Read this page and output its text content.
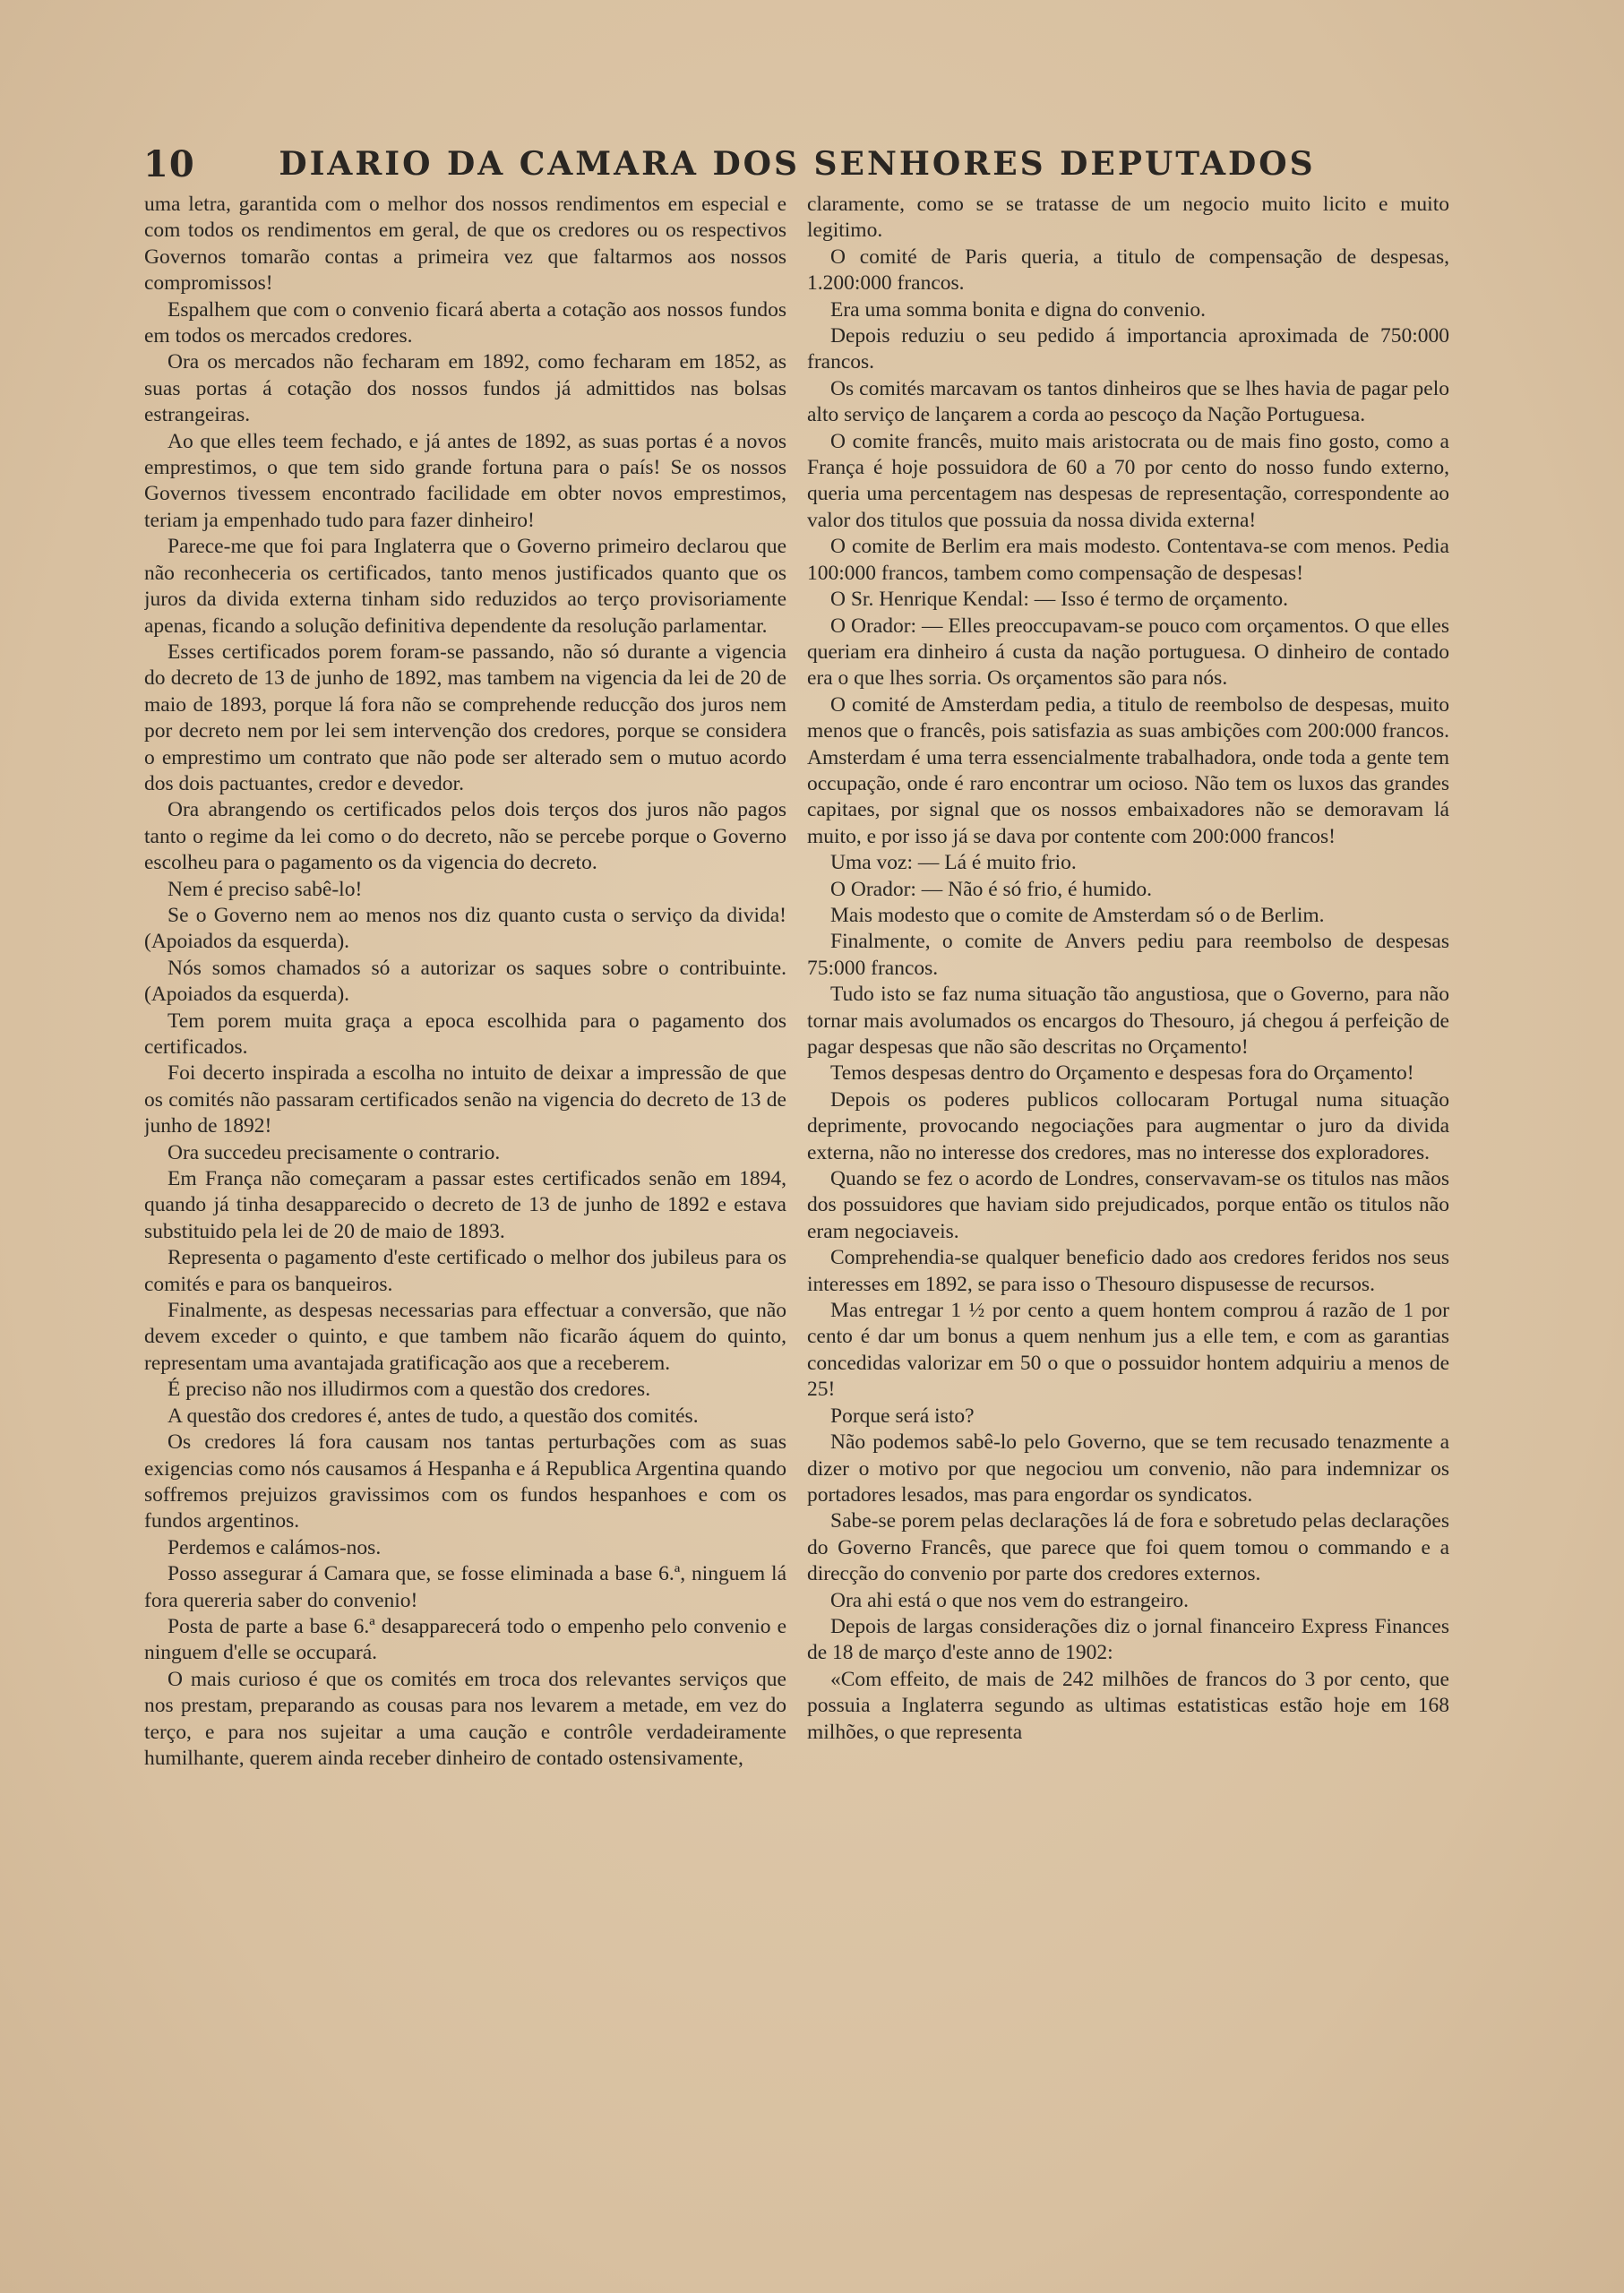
10	DIARIO DA CAMARA DOS SENHORES DEPUTADOS

uma letra, garantida com o melhor dos nossos rendimentos em especial e com todos os rendimentos em geral, de que os credores ou os respectivos Governos tomarão contas a primeira vez que faltarmos aos nossos compromissos!

Espalhem que com o convenio ficará aberta a cotação aos nossos fundos em todos os mercados credores.

Ora os mercados não fecharam em 1892, como fecharam em 1852, as suas portas á cotação dos nossos fundos já admittidos nas bolsas estrangeiras.

Ao que elles teem fechado, e já antes de 1892, as suas portas é a novos emprestimos, o que tem sido grande fortuna para o país! Se os nossos Governos tivessem encontrado facilidade em obter novos emprestimos, teriam ja empenhado tudo para fazer dinheiro!

Parece-me que foi para Inglaterra que o Governo primeiro declarou que não reconheceria os certificados, tanto menos justificados quanto que os juros da divida externa tinham sido reduzidos ao terço provisoriamente apenas, ficando a solução definitiva dependente da resolução parlamentar.

Esses certificados porem foram-se passando, não só durante a vigencia do decreto de 13 de junho de 1892, mas tambem na vigencia da lei de 20 de maio de 1893, porque lá fora não se comprehende reducção dos juros nem por decreto nem por lei sem intervenção dos credores, porque se considera o emprestimo um contrato que não pode ser alterado sem o mutuo acordo dos dois pactuantes, credor e devedor.

Ora abrangendo os certificados pelos dois terços dos juros não pagos tanto o regime da lei como o do decreto, não se percebe porque o Governo escolheu para o pagamento os da vigencia do decreto.

Nem é preciso sabê-lo!

Se o Governo nem ao menos nos diz quanto custa o serviço da divida! (Apoiados da esquerda).

Nós somos chamados só a autorizar os saques sobre o contribuinte. (Apoiados da esquerda).

Tem porem muita graça a epoca escolhida para o pagamento dos certificados.

Foi decerto inspirada a escolha no intuito de deixar a impressão de que os comités não passaram certificados senão na vigencia do decreto de 13 de junho de 1892!

Ora succedeu precisamente o contrario.

Em França não começaram a passar estes certificados senão em 1894, quando já tinha desapparecido o decreto de 13 de junho de 1892 e estava substituido pela lei de 20 de maio de 1893.

Representa o pagamento d'este certificado o melhor dos jubileus para os comités e para os banqueiros.

Finalmente, as despesas necessarias para effectuar a conversão, que não devem exceder o quinto, e que tambem não ficarão áquem do quinto, representam uma avantajada gratificação aos que a receberem.

É preciso não nos illudirmos com a questão dos credores.

A questão dos credores é, antes de tudo, a questão dos comités.

Os credores lá fora causam nos tantas perturbações com as suas exigencias como nós causamos á Hespanha e á Republica Argentina quando soffremos prejuizos gravissimos com os fundos hespanhoes e com os fundos argentinos.

Perdemos e calámos-nos.

Posso assegurar á Camara que, se fosse eliminada a base 6.ª, ninguem lá fora quereria saber do convenio!

Posta de parte a base 6.ª desapparecerá todo o empenho pelo convenio e ninguem d'elle se occupará.

O mais curioso é que os comités em troca dos relevantes serviços que nos prestam, preparando as cousas para nos levarem a metade, em vez do terço, e para nos sujeitar a uma caução e contrôle verdadeiramente humilhante, querem ainda receber dinheiro de contado ostensivamente,

claramente, como se se tratasse de um negocio muito licito e muito legitimo.

O comité de Paris queria, a titulo de compensação de despesas, 1.200:000 francos.

Era uma somma bonita e digna do convenio.

Depois reduziu o seu pedido á importancia aproximada de 750:000 francos.

Os comités marcavam os tantos dinheiros que se lhes havia de pagar pelo alto serviço de lançarem a corda ao pescoço da Nação Portuguesa.

O comite francês, muito mais aristocrata ou de mais fino gosto, como a França é hoje possuidora de 60 a 70 por cento do nosso fundo externo, queria uma percentagem nas despesas de representação, correspondente ao valor dos titulos que possuia da nossa divida externa!

O comite de Berlim era mais modesto. Contentava-se com menos. Pedia 100:000 francos, tambem como compensação de despesas!

O Sr. Henrique Kendal: — Isso é termo de orçamento.

O Orador: — Elles preoccupavam-se pouco com orçamentos. O que elles queriam era dinheiro á custa da nação portuguesa. O dinheiro de contado era o que lhes sorria. Os orçamentos são para nós.

O comité de Amsterdam pedia, a titulo de reembolso de despesas, muito menos que o francês, pois satisfazia as suas ambições com 200:000 francos. Amsterdam é uma terra essencialmente trabalhadora, onde toda a gente tem occupação, onde é raro encontrar um ocioso. Não tem os luxos das grandes capitaes, por signal que os nossos embaixadores não se demoravam lá muito, e por isso já se dava por contente com 200:000 francos!

Uma voz: — Lá é muito frio.

O Orador: — Não é só frio, é humido.

Mais modesto que o comite de Amsterdam só o de Berlim.

Finalmente, o comite de Anvers pediu para reembolso de despesas 75:000 francos.

Tudo isto se faz numa situação tão angustiosa, que o Governo, para não tornar mais avolumados os encargos do Thesouro, já chegou á perfeição de pagar despesas que não são descritas no Orçamento!

Temos despesas dentro do Orçamento e despesas fora do Orçamento!

Depois os poderes publicos collocaram Portugal numa situação deprimente, provocando negociações para augmentar o juro da divida externa, não no interesse dos credores, mas no interesse dos exploradores.

Quando se fez o acordo de Londres, conservavam-se os titulos nas mãos dos possuidores que haviam sido prejudicados, porque então os titulos não eram negociaveis.

Comprehendia-se qualquer beneficio dado aos credores feridos nos seus interesses em 1892, se para isso o Thesouro dispusesse de recursos.

Mas entregar 1 ½ por cento a quem hontem comprou á razão de 1 por cento é dar um bonus a quem nenhum jus a elle tem, e com as garantias concedidas valorizar em 50 o que o possuidor hontem adquiriu a menos de 25!

Porque será isto?

Não podemos sabê-lo pelo Governo, que se tem recusado tenazmente a dizer o motivo por que negociou um convenio, não para indemnizar os portadores lesados, mas para engordar os syndicatos.

Sabe-se porem pelas declarações lá de fora e sobretudo pelas declarações do Governo Francês, que parece que foi quem tomou o commando e a direcção do convenio por parte dos credores externos.

Ora ahi está o que nos vem do estrangeiro.

Depois de largas considerações diz o jornal financeiro Express Finances de 18 de março d'este anno de 1902:

«Com effeito, de mais de 242 milhões de francos do 3 por cento, que possuia a Inglaterra segundo as ultimas estatisticas estão hoje em 168 milhões, o que representa
